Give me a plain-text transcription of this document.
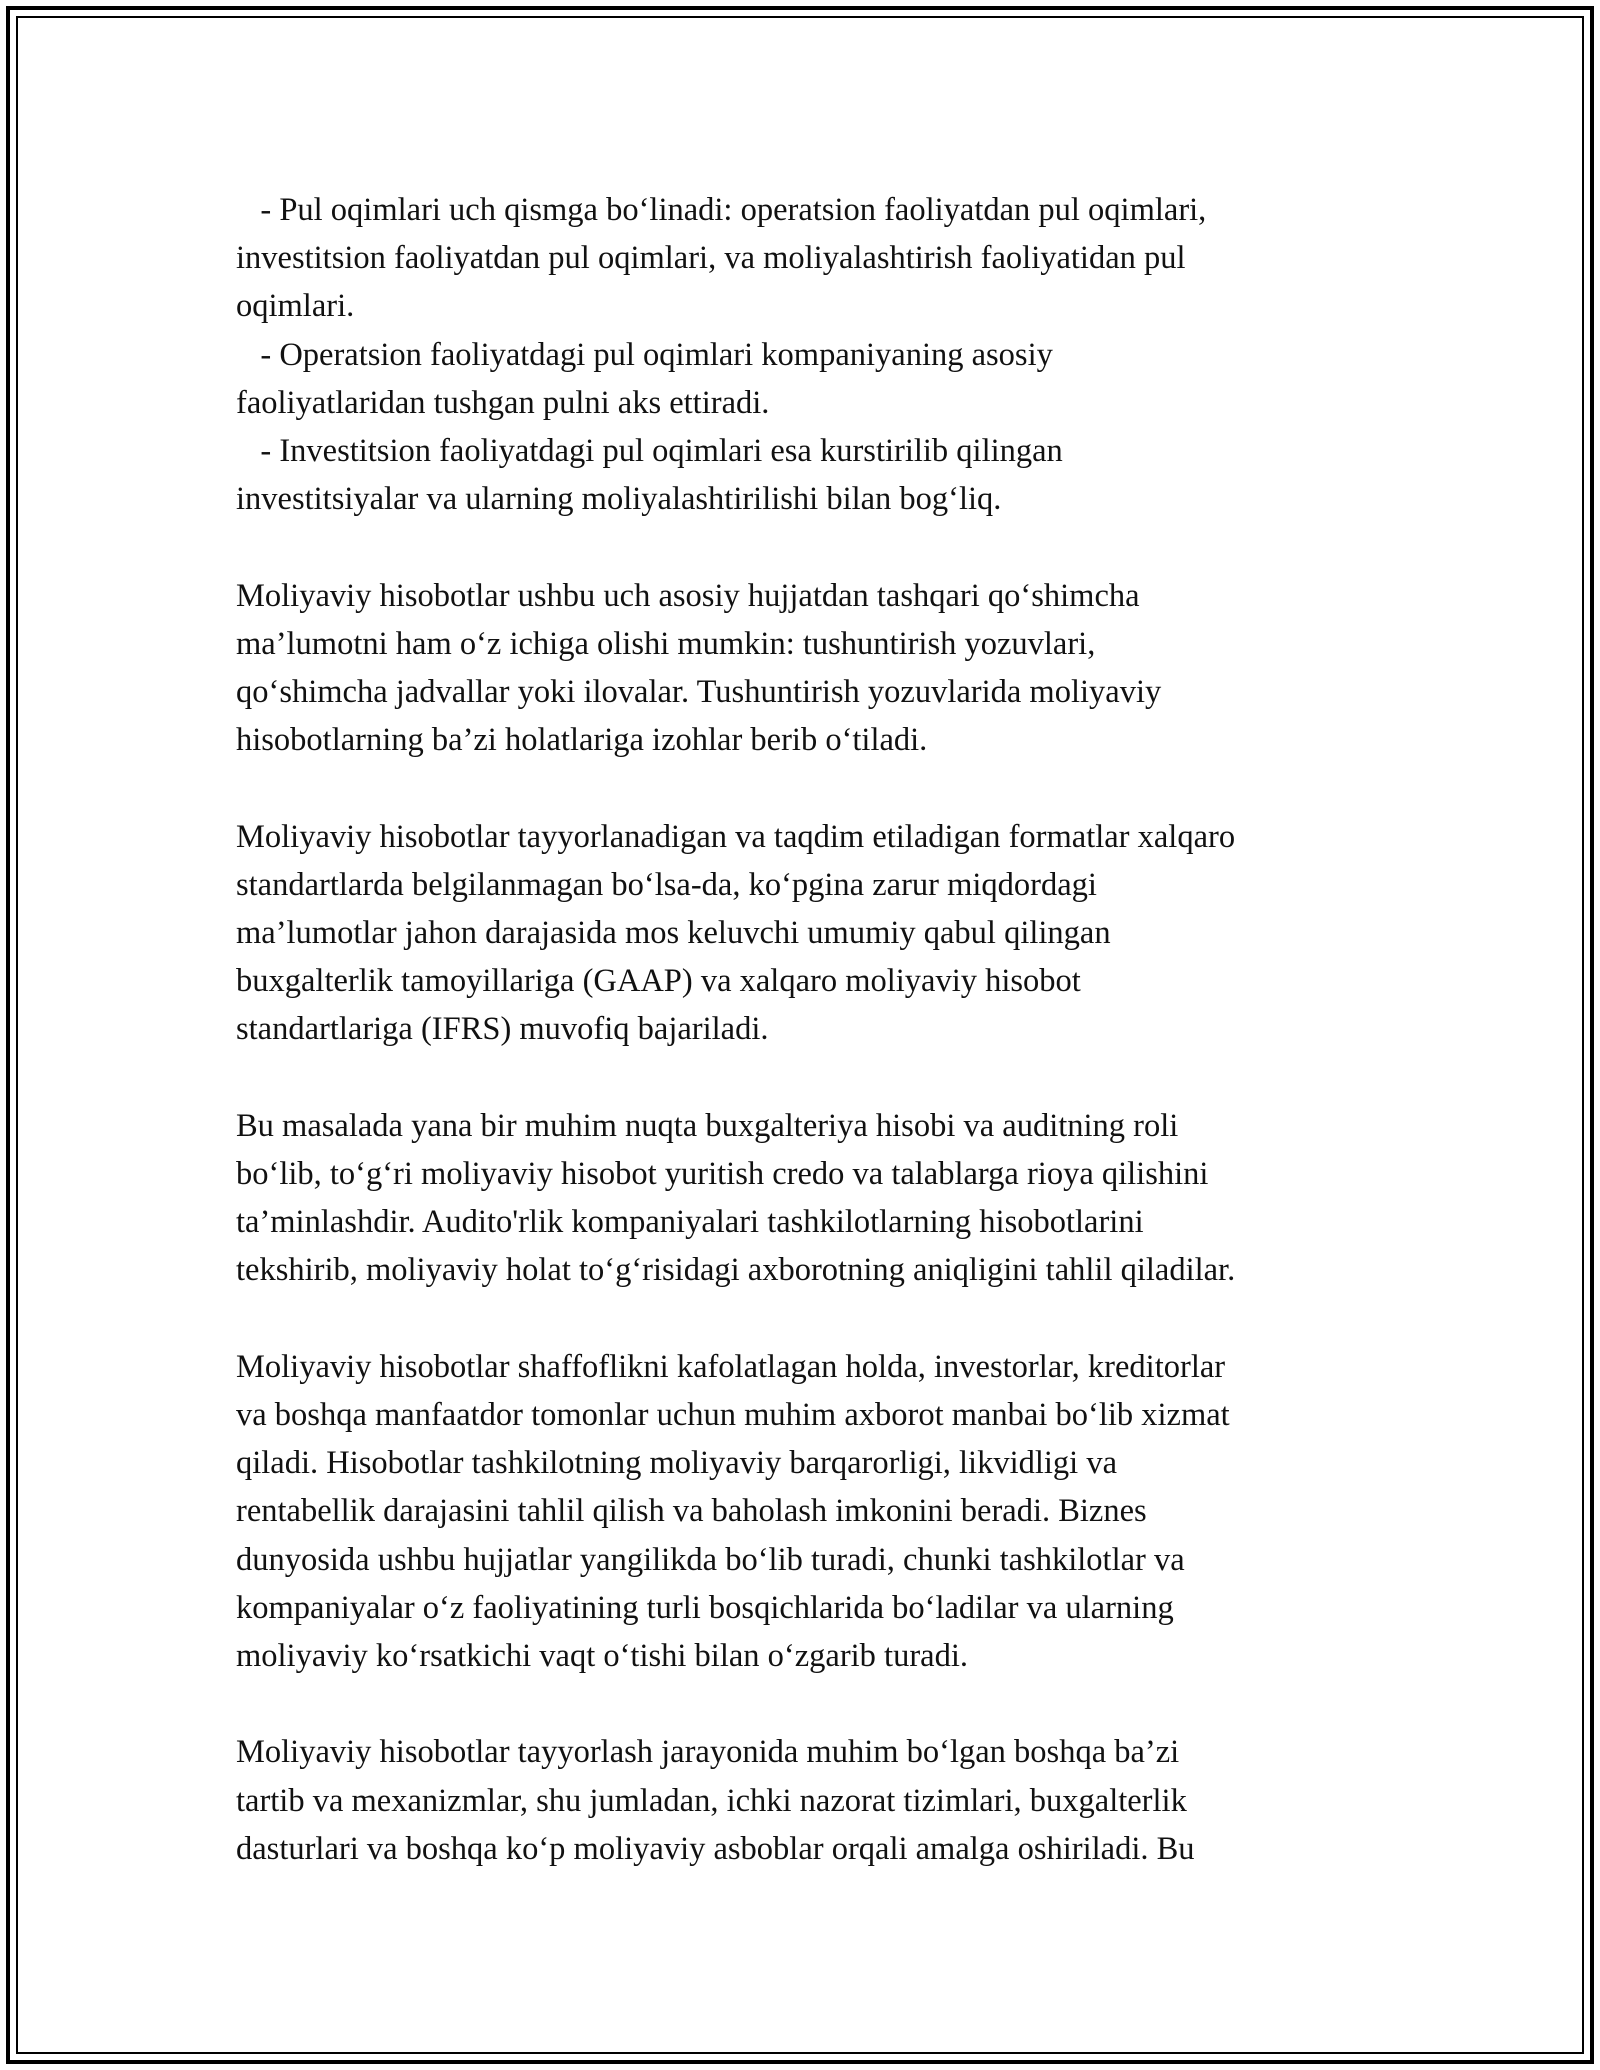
- Pul oqimlari uch qismga bo‘linadi: operatsion faoliyatdan pul oqimlari,
investitsion faoliyatdan pul oqimlari, va moliyalashtirish faoliyatidan pul
oqimlari.

- Operatsion faoliyatdagi pul oqimlari kompaniyaning asosiy
faoliyatlaridan tushgan pulni aks ettiradi.

- Investitsion faoliyatdagi pul oqimlari esa kurstirilib qilingan
investitsiyalar va ularning moliyalashtirilishi bilan bog‘liq.

Moliyaviy hisobotlar ushbu uch asosiy hujjatdan tashqari qo‘shimcha
ma’lumotni ham o‘z ichiga olishi mumkin: tushuntirish yozuvlari,
qo‘shimcha jadvallar yoki ilovalar. Tushuntirish yozuvlarida moliyaviy
hisobotlarning ba’zi holatlariga izohlar berib o‘tiladi.

Moliyaviy hisobotlar tayyorlanadigan va taqdim etiladigan formatlar xalqaro
standartlarda belgilanmagan bo‘lsa-da, ko‘pgina zarur miqdordagi
ma’lumotlar jahon darajasida mos keluvchi umumiy qabul qilingan
buxgalterlik tamoyillariga (GAAP) va xalqaro moliyaviy hisobot
standartlariga (IFRS) muvofiq bajariladi.

Bu masalada yana bir muhim nuqta buxgalteriya hisobi va auditning roli
bo‘lib, to‘g‘ri moliyaviy hisobot yuritish credo va talablarga rioya qilishini
ta’minlashdir. Audito'rlik kompaniyalari tashkilotlarning hisobotlarini
tekshirib, moliyaviy holat to‘g‘risidagi axborotning aniqligini tahlil qiladilar.

Moliyaviy hisobotlar shaffoflikni kafolatlagan holda, investorlar, kreditorlar
va boshqa manfaatdor tomonlar uchun muhim axborot manbai bo‘lib xizmat
qiladi. Hisobotlar tashkilotning moliyaviy barqarorligi, likvidligi va
rentabellik darajasini tahlil qilish va baholash imkonini beradi. Biznes
dunyosida ushbu hujjatlar yangilikda bo‘lib turadi, chunki tashkilotlar va
kompaniyalar o‘z faoliyatining turli bosqichlarida bo‘ladilar va ularning
moliyaviy ko‘rsatkichi vaqt o‘tishi bilan o‘zgarib turadi.

Moliyaviy hisobotlar tayyorlash jarayonida muhim bo‘lgan boshqa ba’zi
tartib va mexanizmlar, shu jumladan, ichki nazorat tizimlari, buxgalterlik
dasturlari va boshqa ko‘p moliyaviy asboblar orqali amalga oshiriladi. Bu
